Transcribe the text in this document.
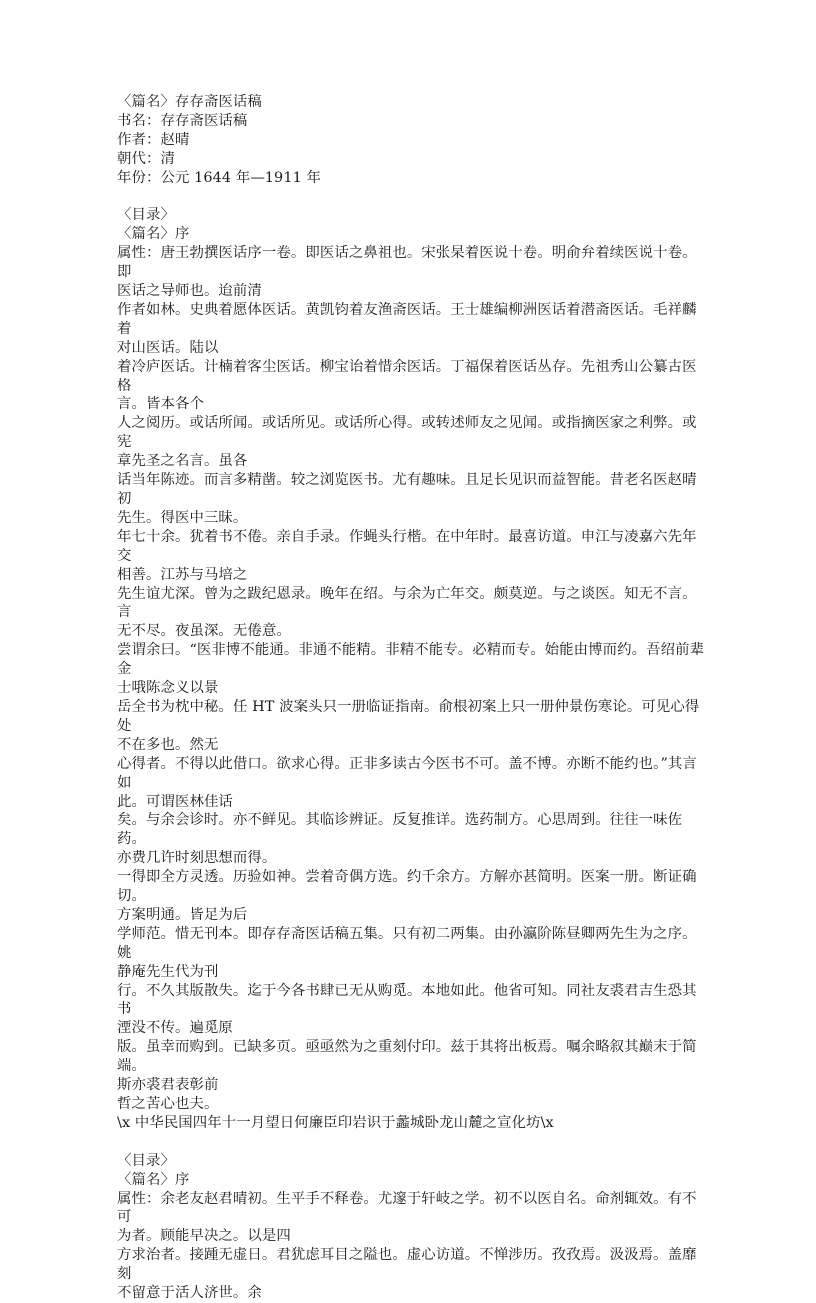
〈篇名〉存存斋医话稿
书名：存存斋医话稿
作者：赵晴
朝代：清
年份：公元 1644 年—1911 年
〈目录〉
〈篇名〉序
属性：唐王勃撰医话序一卷。即医话之鼻祖也。宋张杲着医说十卷。明俞弁着续医说十卷。即
医话之导师也。迨前清
作者如林。史典着愿体医话。黄凯钧着友渔斋医话。王士雄编柳洲医话着潜斋医话。毛祥麟着
对山医话。陆以
着冷庐医话。计楠着客尘医话。柳宝诒着惜余医话。丁福保着医话丛存。先祖秀山公纂古医格
言。皆本各个
人之阅历。或话所闻。或话所见。或话所心得。或转述师友之见闻。或指摘医家之利弊。或宪
章先圣之名言。虽各
话当年陈迹。而言多精凿。较之浏览医书。尤有趣味。且足长见识而益智能。昔老名医赵晴初
先生。得医中三昧。
年七十余。犹着书不倦。亲自手录。作蝇头行楷。在中年时。最喜访道。申江与凌嘉六先年交
相善。江苏与马培之
先生谊尤深。曾为之跋纪恩录。晚年在绍。与余为亡年交。颇莫逆。与之谈医。知无不言。言
无不尽。夜虽深。无倦意。
尝谓余曰。“医非博不能通。非通不能精。非精不能专。必精而专。始能由博而约。吾绍前辈金
士哦陈念义以景
岳全书为枕中秘。任 HT 波案头只一册临证指南。俞根初案上只一册仲景伤寒论。可见心得处
不在多也。然无
心得者。不得以此借口。欲求心得。正非多读古今医书不可。盖不博。亦断不能约也。”其言如
此。可谓医林佳话
矣。与余会诊时。亦不鲜见。其临诊辨证。反复推详。选药制方。心思周到。往往一味佐药。
亦费几许时刻思想而得。
一得即全方灵透。历验如神。尝着奇偶方选。约千余方。方解亦甚简明。医案一册。断证确切。
方案明通。皆足为后
学师范。惜无刊本。即存存斋医话稿五集。只有初二两集。由孙瀛阶陈昼卿两先生为之序。姚
静庵先生代为刊
行。不久其版散失。迄于今各书肆已无从购觅。本地如此。他省可知。同社友裘君吉生恐其书
湮没不传。遍觅原
版。虽幸而购到。已缺多页。亟亟然为之重刻付印。兹于其将出板焉。嘱余略叙其巅末于简端。
斯亦裘君表彰前
哲之苦心也夫。
\x 中华民国四年十一月望日何廉臣印岩识于蠡城卧龙山麓之宣化坊\x
〈目录〉
〈篇名〉序
属性：余老友赵君晴初。生平手不释卷。尤邃于轩岐之学。初不以医自名。命剂辄效。有不可
为者。顾能早决之。以是四
方求治者。接踵无虚日。君犹虑耳目之隘也。虚心访道。不惮涉历。孜孜焉。汲汲焉。盖靡刻
不留意于活人济世。余
